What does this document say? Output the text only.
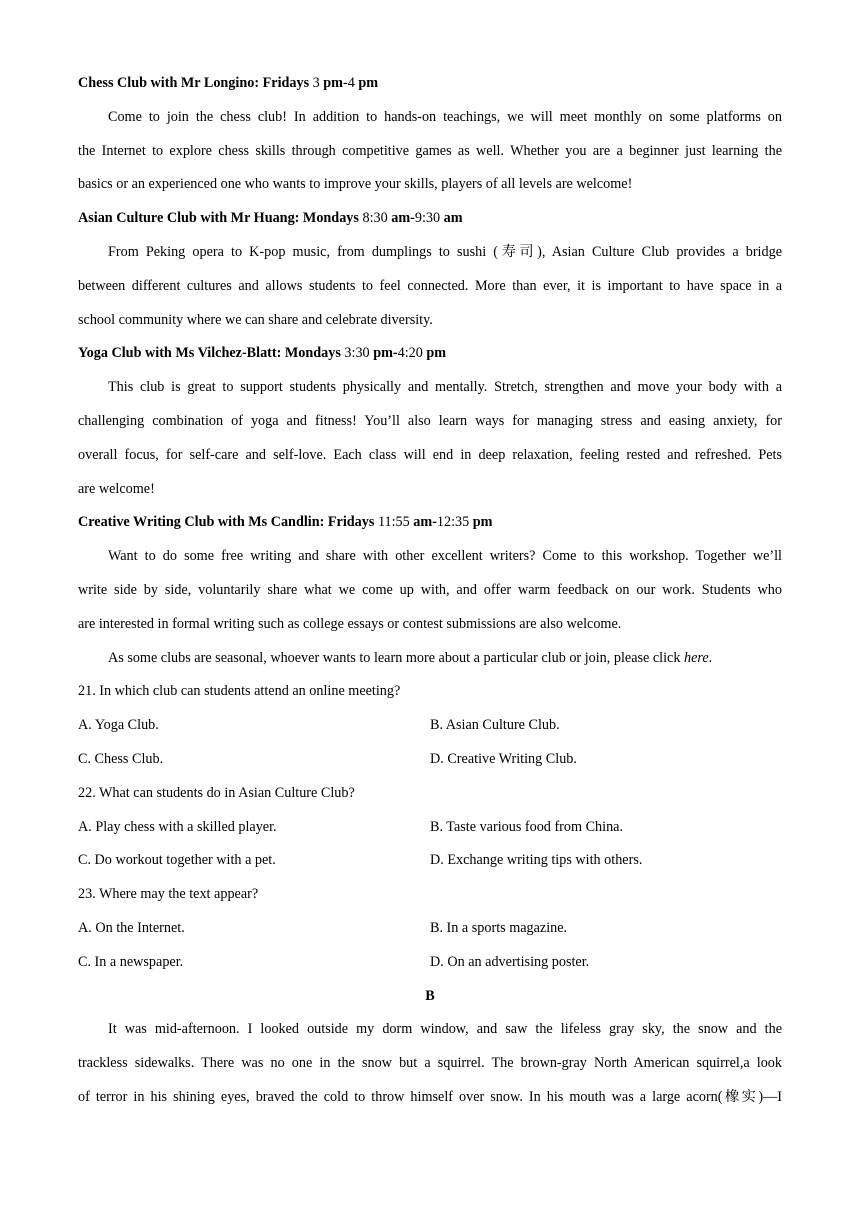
Chess Club with Mr Longino: Fridays 3 pm-4 pm
Come to join the chess club! In addition to hands-on teachings, we will meet monthly on some platforms on
the Internet to explore chess skills through competitive games as well. Whether you are a beginner just learning the
basics or an experienced one who wants to improve your skills, players of all levels are welcome!
Asian Culture Club with Mr Huang: Mondays 8:30 am-9:30 am
From Peking opera to K-pop music, from dumplings to sushi (寿司), Asian Culture Club provides a bridge
between different cultures and allows students to feel connected. More than ever, it is important to have space in a
school community where we can share and celebrate diversity.
Yoga Club with Ms Vilchez-Blatt: Mondays 3:30 pm-4:20 pm
This club is great to support students physically and mentally. Stretch, strengthen and move your body with a
challenging combination of yoga and fitness! You’ll also learn ways for managing stress and easing anxiety, for
overall focus, for self-care and self-love. Each class will end in deep relaxation, feeling rested and refreshed. Pets
are welcome!
Creative Writing Club with Ms Candlin: Fridays 11:55 am-12:35 pm
Want to do some free writing and share with other excellent writers? Come to this workshop. Together we’ll
write side by side, voluntarily share what we come up with, and offer warm feedback on our work. Students who
are interested in formal writing such as college essays or contest submissions are also welcome.
As some clubs are seasonal, whoever wants to learn more about a particular club or join, please click here.
21. In which club can students attend an online meeting?
A. Yoga Club.	B. Asian Culture Club.
C. Chess Club.	D. Creative Writing Club.
22. What can students do in Asian Culture Club?
A. Play chess with a skilled player.	B. Taste various food from China.
C. Do workout together with a pet.	D. Exchange writing tips with others.
23. Where may the text appear?
A. On the Internet.	B. In a sports magazine.
C. In a newspaper.	D. On an advertising poster.
B
It was mid-afternoon. I looked outside my dorm window, and saw the lifeless gray sky, the snow and the
trackless sidewalks. There was no one in the snow but a squirrel. The brown-gray North American squirrel,a look
of terror in his shining eyes, braved the cold to throw himself over snow. In his mouth was a large acorn(橡实)—I
